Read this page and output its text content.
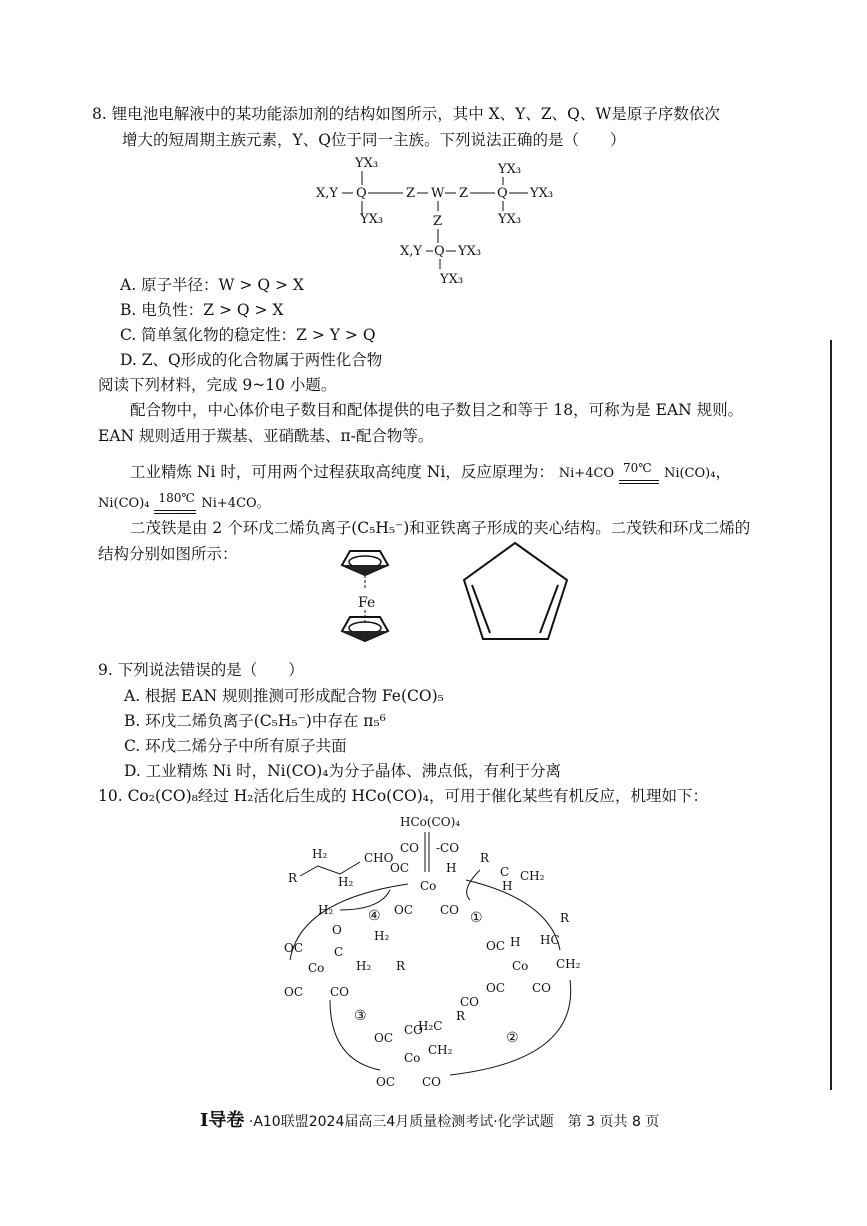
8. 锂电池电解液中的某功能添加剂的结构如图所示，其中 X、Y、Z、Q、W是原子序数依次
增大的短周期主族元素，Y、Q位于同一主族。下列说法正确的是（　　）
YX₃
X,Y Q
YX₃
Z W Z
YX₃
Q YX₃
YX₃
Z
X,Y Q YX₃
YX₃
A. 原子半径：W > Q > X
B. 电负性：Z > Q > X
C. 简单氢化物的稳定性：Z > Y > Q
D. Z、Q形成的化合物属于两性化合物
阅读下列材料，完成 9~10 小题。
配合物中，中心体价电子数目和配体提供的电子数目之和等于 18，可称为是 EAN 规则。
EAN 规则适用于羰基、亚硝酰基、π-配合物等。
工业精炼 Ni 时，可用两个过程获取高纯度 Ni，反应原理为： Ni+4CO 70℃ Ni(CO)₄，
Ni(CO)₄ 180℃ Ni+4CO。
二茂铁是由 2 个环戊二烯负离子(C₅H₅⁻)和亚铁离子形成的夹心结构。二茂铁和环戊二烯的
结构分别如图所示：
Fe
9. 下列说法错误的是（　　）
A. 根据 EAN 规则推测可形成配合物 Fe(CO)₅
B. 环戊二烯负离子(C₅H₅⁻)中存在 π₅⁶
C. 环戊二烯分子中所有原子共面
D. 工业精炼 Ni 时，Ni(CO)₄为分子晶体、沸点低，有利于分离
10. Co₂(CO)₈经过 H₂活化后生成的 HCo(CO)₄，可用于催化某些有机反应，机理如下：
HCo(CO)₄
CO -CO
OC	H
Co
OC CO
R
H₂
H₂
CHO	R
C
H
CH₂
H₂ ④	①
②
③
OC H HC
R
CH₂
Co
OC CO
OC
O
C
H₂
H₂ R
Co
OC CO
CO
H₂C
R
CH₂
OC
CO
Co
OC CO
Ι导卷 ·A10联盟2024届高三4月质量检测考试·化学试题　第 3 页共 8 页
